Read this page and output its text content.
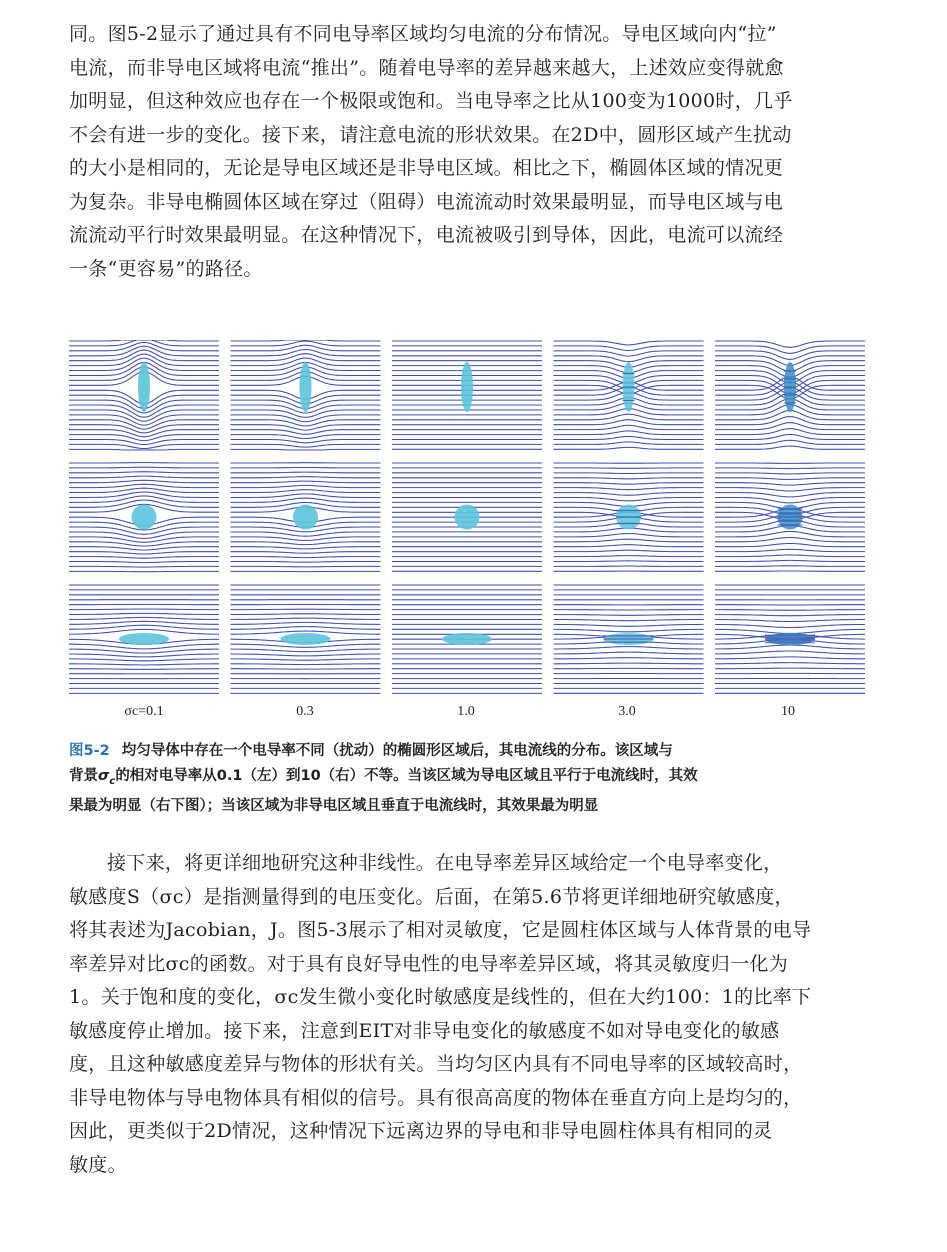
同。图5-2显示了通过具有不同电导率区域均匀电流的分布情况。导电区域向内“拉”

电流，而非导电区域将电流“推出”。随着电导率的差异越来越大，上述效应变得就愈

加明显，但这种效应也存在一个极限或饱和。当电导率之比从100变为1000时，几乎

不会有进一步的变化。接下来，请注意电流的形状效果。在2D中，圆形区域产生扰动

的大小是相同的，无论是导电区域还是非导电区域。相比之下，椭圆体区域的情况更

为复杂。非导电椭圆体区域在穿过（阻碍）电流流动时效果最明显，而导电区域与电

流流动平行时效果最明显。在这种情况下，电流被吸引到导体，因此，电流可以流经

一条“更容易”的路径。

σc=0.1	0.3	1.0	3.0	10
图5-2 均匀导体中存在一个电导率不同（扰动）的椭圆形区域后，其电流线的分布。该区域与
背景$\sigma_c$的相对电导率从0.1（左）到10（右）不等。当该区域为导电区域且平行于电流线时，其效
果最为明显（右下图）；当该区域为非导电区域且垂直于电流线时，其效果最为明显

接下来，将更详细地研究这种非线性。在电导率差异区域给定一个电导率变化，

敏感度S（σc）是指测量得到的电压变化。后面，在第5.6节将更详细地研究敏感度，

将其表述为Jacobian，J。图5-3展示了相对灵敏度，它是圆柱体区域与人体背景的电导

率差异对比σc的函数。对于具有良好导电性的电导率差异区域，将其灵敏度归一化为

1。关于饱和度的变化，σc发生微小变化时敏感度是线性的，但在大约100：1的比率下

敏感度停止增加。接下来，注意到EIT对非导电变化的敏感度不如对导电变化的敏感

度，且这种敏感度差异与物体的形状有关。当均匀区内具有不同电导率的区域较高时，

非导电物体与导电物体具有相似的信号。具有很高高度的物体在垂直方向上是均匀的，

因此，更类似于2D情况，这种情况下远离边界的导电和非导电圆柱体具有相同的灵

敏度。
